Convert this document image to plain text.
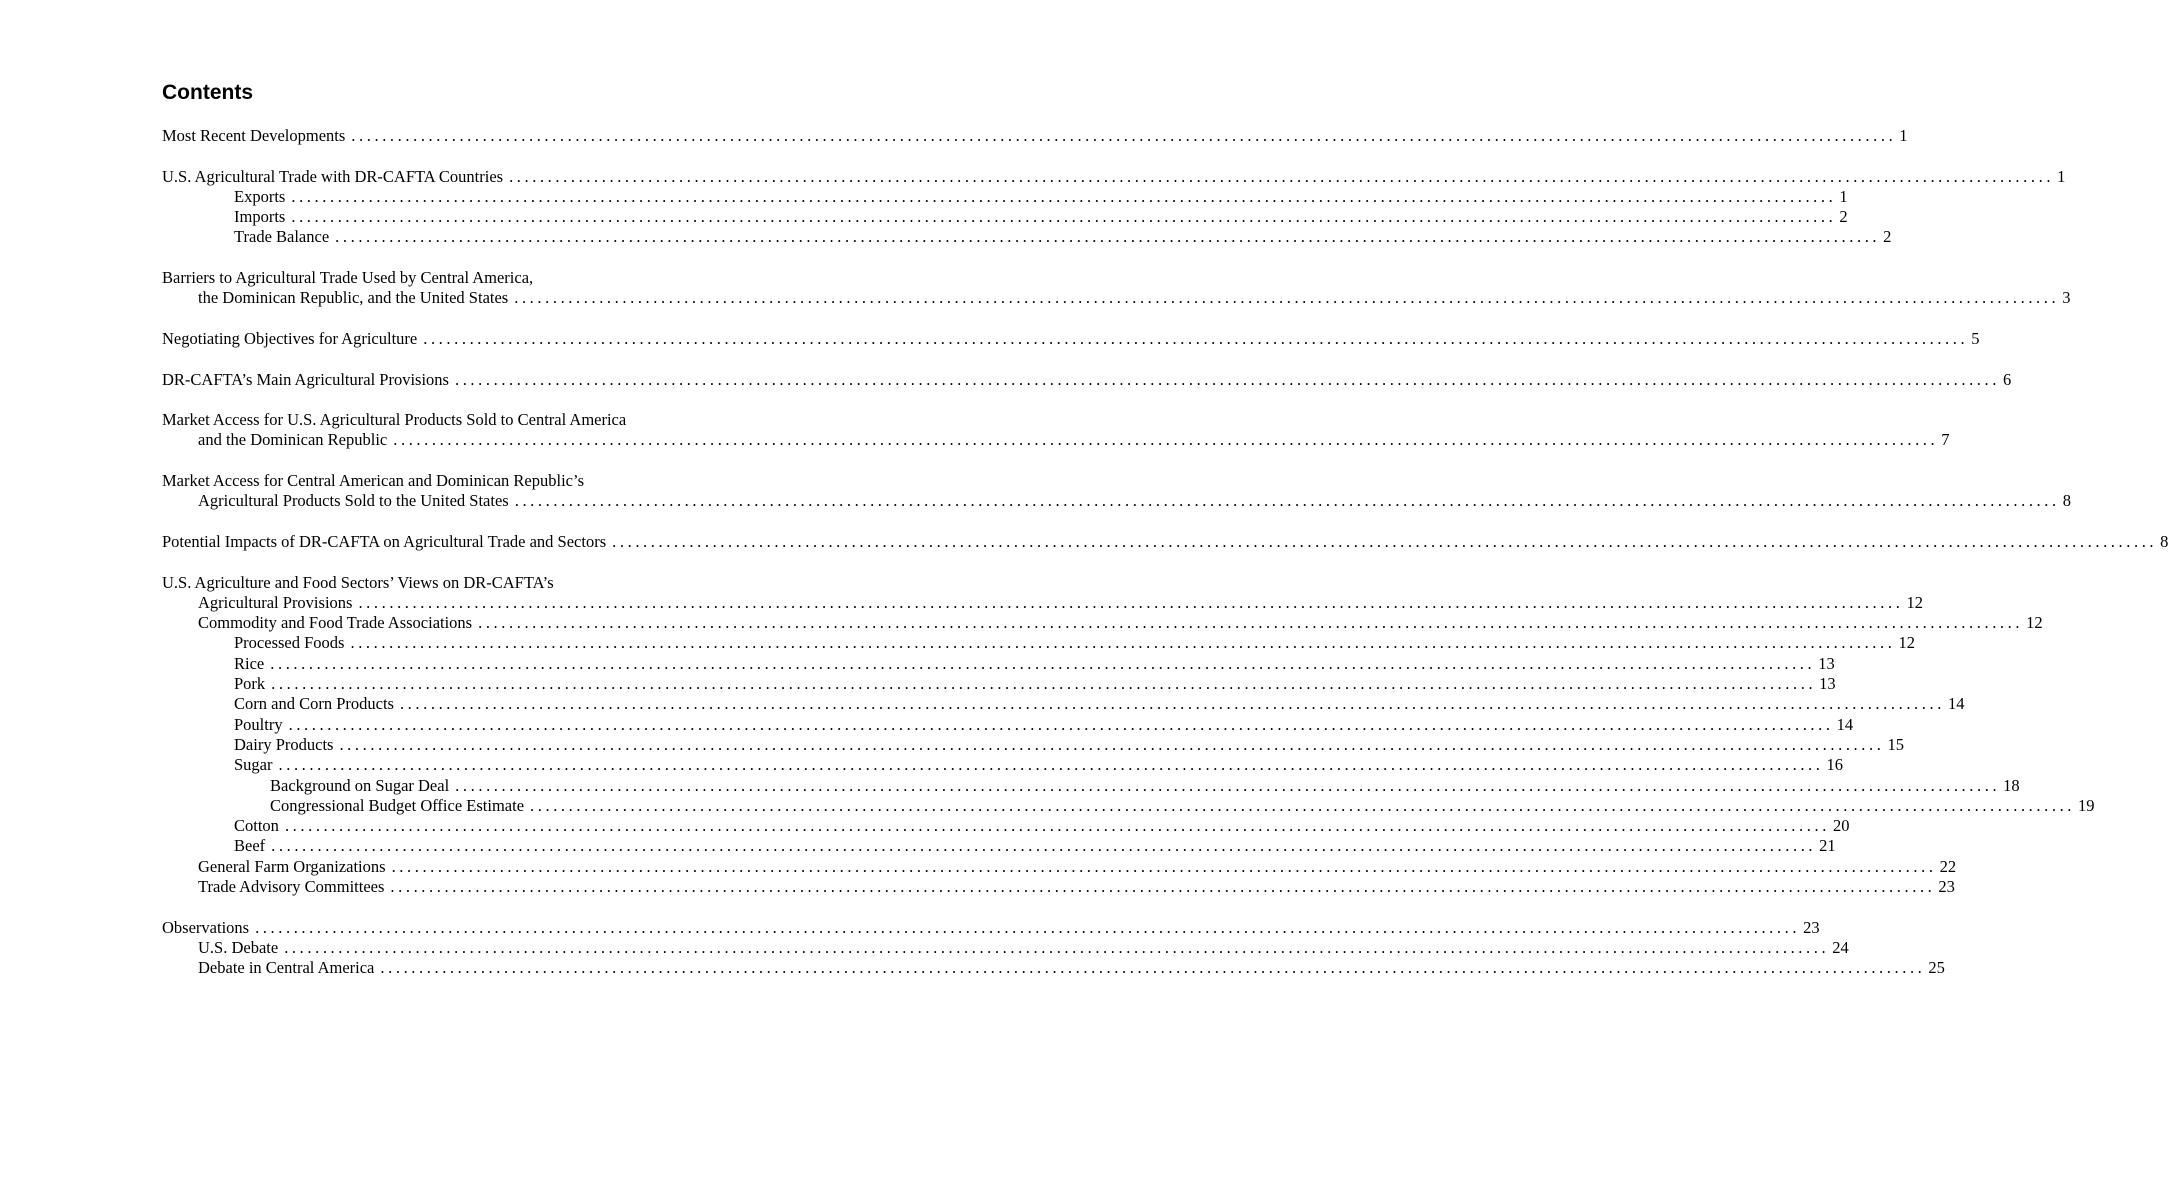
Contents
Most Recent Developments ........................................................................................................................................................................................................ 1
U.S. Agricultural Trade with DR-CAFTA Countries ........................................................................................................................................................................................................ 1
Exports ........................................................................................................................................................................................................ 1
Imports ........................................................................................................................................................................................................ 2
Trade Balance ........................................................................................................................................................................................................ 2
Barriers to Agricultural Trade Used by Central America,
the Dominican Republic, and the United States ........................................................................................................................................................................................................ 3
Negotiating Objectives for Agriculture ........................................................................................................................................................................................................ 5
DR-CAFTA’s Main Agricultural Provisions ........................................................................................................................................................................................................ 6
Market Access for U.S. Agricultural Products Sold to Central America
and the Dominican Republic ........................................................................................................................................................................................................ 7
Market Access for Central American and Dominican Republic’s
Agricultural Products Sold to the United States ........................................................................................................................................................................................................ 8
Potential Impacts of DR-CAFTA on Agricultural Trade and Sectors ........................................................................................................................................................................................................ 8
U.S. Agriculture and Food Sectors’ Views on DR-CAFTA’s
Agricultural Provisions ........................................................................................................................................................................................................ 12
Commodity and Food Trade Associations ........................................................................................................................................................................................................ 12
Processed Foods ........................................................................................................................................................................................................ 12
Rice ........................................................................................................................................................................................................ 13
Pork ........................................................................................................................................................................................................ 13
Corn and Corn Products ........................................................................................................................................................................................................ 14
Poultry ........................................................................................................................................................................................................ 14
Dairy Products ........................................................................................................................................................................................................ 15
Sugar ........................................................................................................................................................................................................ 16
Background on Sugar Deal ........................................................................................................................................................................................................ 18
Congressional Budget Office Estimate ........................................................................................................................................................................................................ 19
Cotton ........................................................................................................................................................................................................ 20
Beef ........................................................................................................................................................................................................ 21
General Farm Organizations ........................................................................................................................................................................................................ 22
Trade Advisory Committees ........................................................................................................................................................................................................ 23
Observations ........................................................................................................................................................................................................ 23
U.S. Debate ........................................................................................................................................................................................................ 24
Debate in Central America ........................................................................................................................................................................................................ 25
